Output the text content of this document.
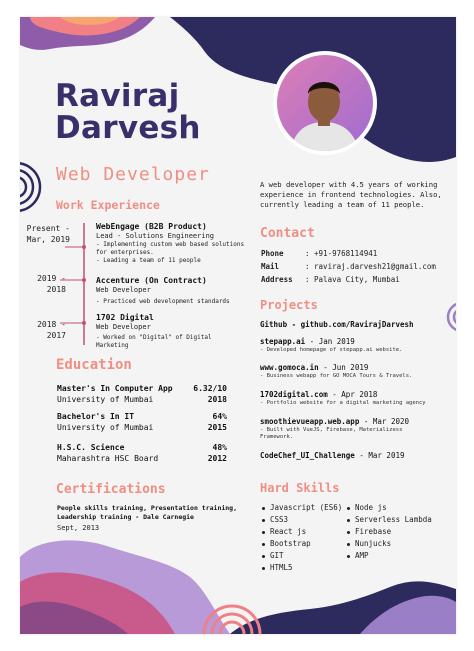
Raviraj
Darvesh
Web Developer
Work Experience
Present -
Mar, 2019
WebEngage (B2B Product)
Lead - Solutions Engineering
- Implementing custom web based solutions for enterprises.
- Leading a team of 11 people
2019 -
2018
Accenture (On Contract)
Web Developer
- Practiced web development standards
2018 -
2017
1702 Digital
Web Developer
- Worked on "Digital" of Digital Marketing
Education
Master's In Computer App	6.32/10
University of Mumbai	2018
Bachelor's In IT	64%
University of Mumbai	2015
H.S.C. Science	48%
Maharashtra HSC Board	2012
Certifications
People skills training, Presentation training,
Leadership training - Dale Carnegie
Sept, 2013
A web developer with 4.5 years of working experience in frontend technologies. Also, currently leading a team of 11 people.
Contact
Phone	: +91-9768114941
Mail	: raviraj.darvesh21@gmail.com
Address : Palava City, Mumbai
Projects
Github - github.com/RavirajDarvesh
stepapp.ai - Jan 2019
- Developed homepage of stepapp.ai website.
www.gomoca.in - Jun 2019
- Business webapp for GO MOCA Tours & Travels.
1702digital.com - Apr 2018
- Portfolio website for a digital marketing agency
smoothievueapp.web.app - Mar 2020
- Built with VueJS, Firebase, Materializess
Framework.
CodeChef_UI_Challenge - Mar 2019
Hard Skills
Javascript (ES6)
CSS3
React js
Bootstrap
GIT
HTML5
Node js
Serverless Lambda
Firebase
Nunjucks
AMP
